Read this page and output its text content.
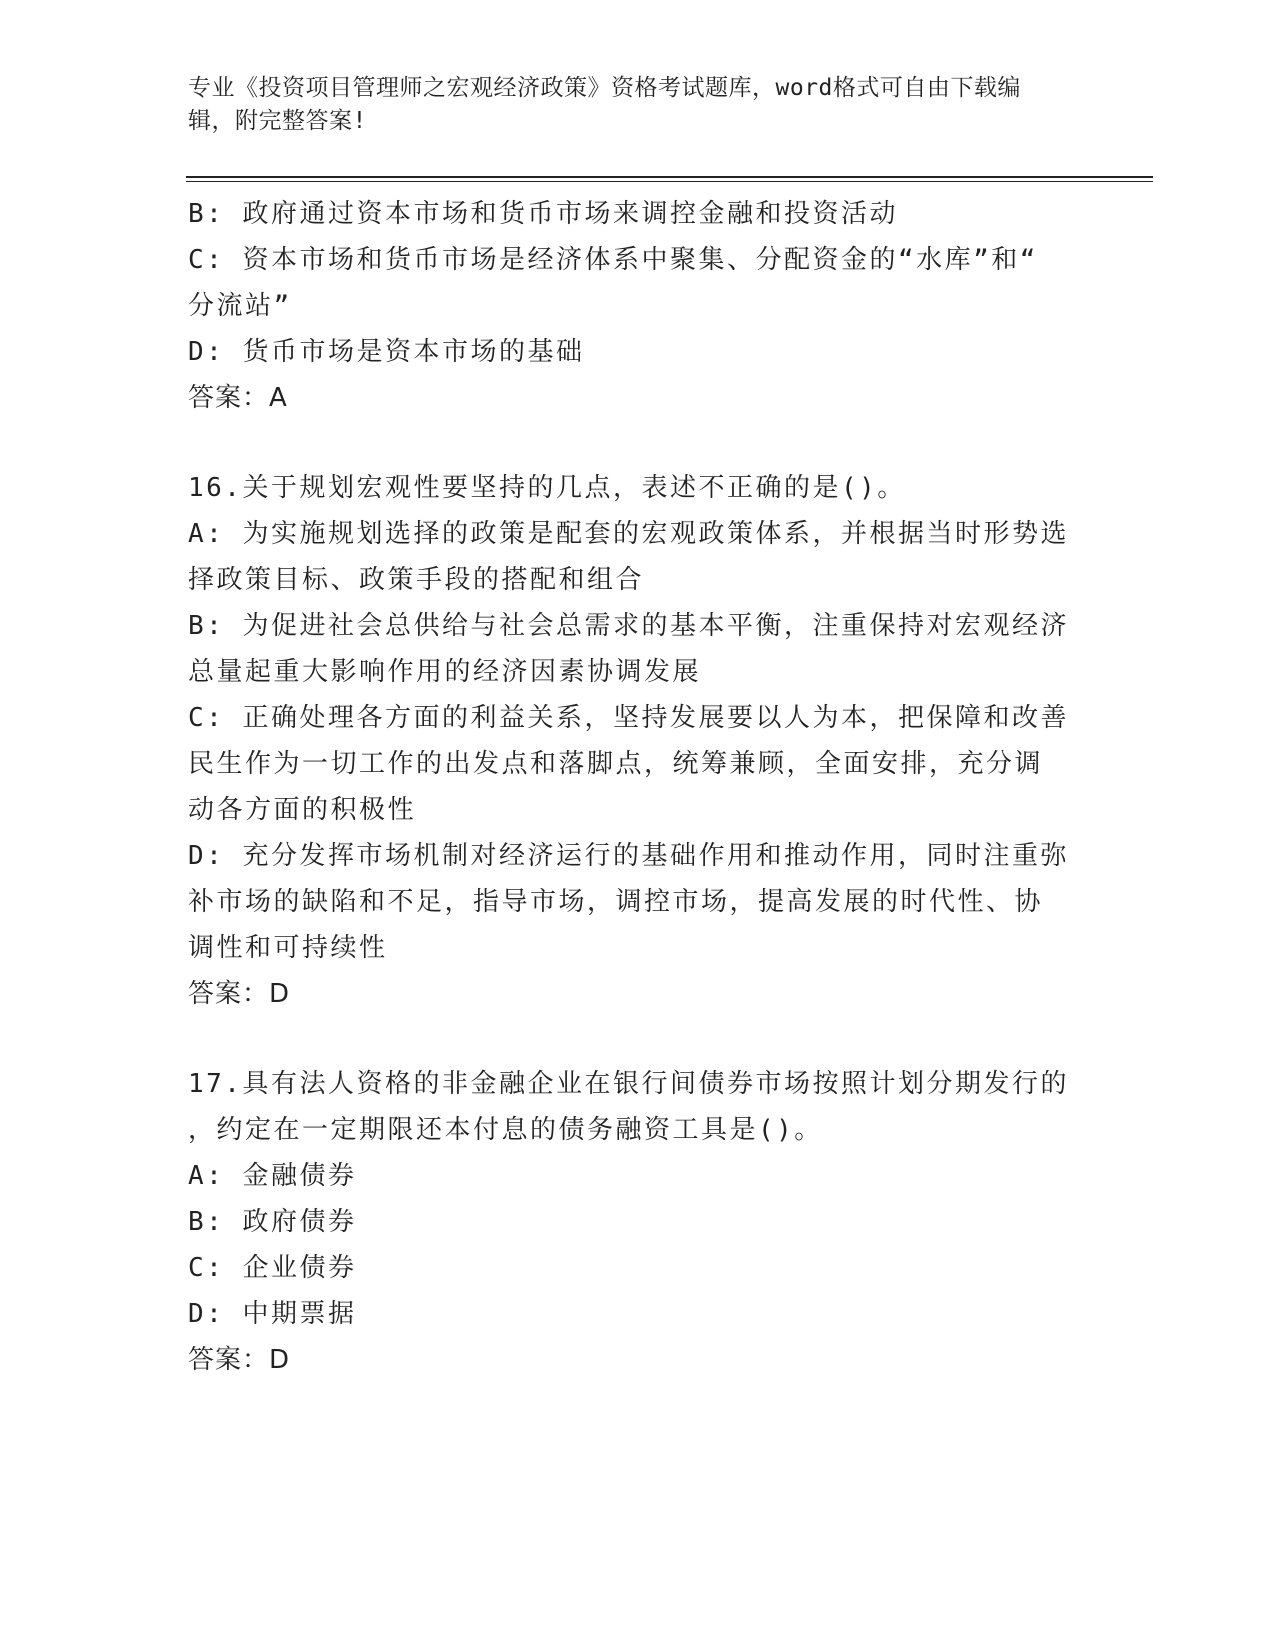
专业《投资项目管理师之宏观经济政策》资格考试题库，word格式可自由下载编

辑，附完整答案!

B: 政府通过资本市场和货币市场来调控金融和投资活动

C: 资本市场和货币市场是经济体系中聚集、分配资金的“水库”和“

分流站”

D: 货币市场是资本市场的基础

答案：A

16.关于规划宏观性要坚持的几点，表述不正确的是()。

A: 为实施规划选择的政策是配套的宏观政策体系，并根据当时形势选

择政策目标、政策手段的搭配和组合

B: 为促进社会总供给与社会总需求的基本平衡，注重保持对宏观经济

总量起重大影响作用的经济因素协调发展

C: 正确处理各方面的利益关系，坚持发展要以人为本，把保障和改善

民生作为一切工作的出发点和落脚点，统筹兼顾，全面安排，充分调

动各方面的积极性

D: 充分发挥市场机制对经济运行的基础作用和推动作用，同时注重弥

补市场的缺陷和不足，指导市场，调控市场，提高发展的时代性、协

调性和可持续性

答案：D

17.具有法人资格的非金融企业在银行间债券市场按照计划分期发行的

，约定在一定期限还本付息的债务融资工具是()。

A: 金融债券

B: 政府债券

C: 企业债券

D: 中期票据

答案：D
